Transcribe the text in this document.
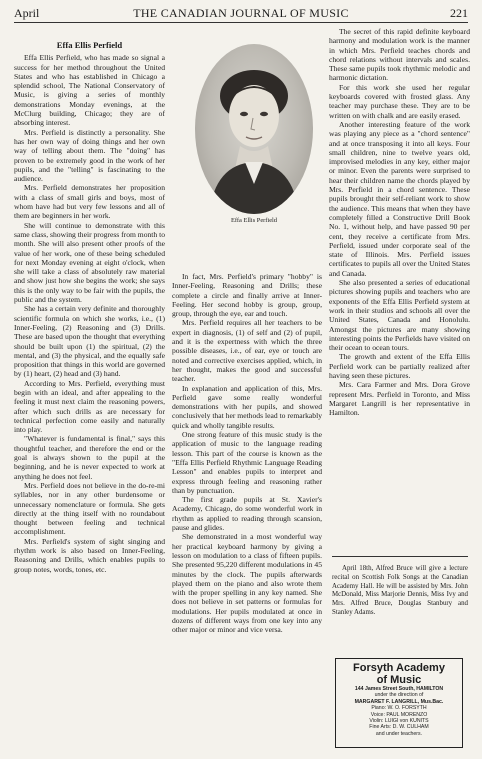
April	THE CANADIAN JOURNAL OF MUSIC	221
Effa Ellis Perfield

Effa Ellis Perfield, who has made so signal a success for her method throughout the United States and who has established in Chicago a splendid school, The National Conservatory of Music, is giving a series of monthly demonstrations Monday evenings, at the McClurg building, Chicago; they are of absorbing interest.

Mrs. Perfield is distinctly a personality. She has her own way of doing things and her own way of telling about them. The "doing" has proven to be extremely good in the work of her pupils, and the "telling" is fascinating to the audience.

Mrs. Perfield demonstrates her proposition with a class of small girls and boys, most of whom have had but very few lessons and all of them are beginners in her work.

She will continue to demonstrate with this same class, showing their progress from month to month. She will also present other proofs of the value of her work, one of these being scheduled for next Monday evening at eight o'clock, when she will take a class of absolutely raw material and show just how she begins the work; she says this is the only way to be fair with the pupils, the public and the system.

She has a certain very definite and thoroughly scientific formula on which she works, i.e., (1) Inner-Feeling, (2) Reasoning and (3) Drills. These are based upon the thought that everything should be built upon (1) the spiritual, (2) the mental, and (3) the physical, and the equally safe proposition that things in this world are governed by (1) heart, (2) head and (3) hand.

According to Mrs. Perfield, everything must begin with an ideal, and after appealing to the feeling it must next claim the reasoning powers, after which such drills as are necessary for technical perfection come easily and naturally into play.

"Whatever is fundamental is final," says this thoughtful teacher, and therefore the end or the goal is always shown to the pupil at the beginning, and he is never expected to work at anything he does not feel.

Mrs. Perfield does not believe in the do-re-mi syllables, nor in any other burdensome or unnecessary nomenclature or formula. She gets directly at the thing itself with no roundabout thought between feeling and technical accomplishment.

Mrs. Perfield's system of sight singing and rhythm work is also based on Inner-Feeling, Reasoning and Drills, which enables pupils to group notes, words, tones, etc.

Effa Ellis Perfield

In fact, Mrs. Perfield's primary "hobby" is Inner-Feeling, Reasoning and Drills; these complete a circle and finally arrive at Inner-Feeling. Her second hobby is group, group, group, through the eye, ear and touch.

Mrs. Perfield requires all her teachers to be expert in diagnosis, (1) of self and (2) of pupil, and it is the expertness with which the three possible diseases, i.e., of ear, eye or touch are noted and corrective exercises applied, which, in her thought, makes the good and successful teacher.

In explanation and application of this, Mrs. Perfield gave some really wonderful demonstrations with her pupils, and showed conclusively that her methods lead to remarkably quick and wholly tangible results.

One strong feature of this music study is the application of music to the language reading lesson. This part of the course is known as the "Effa Ellis Perfield Rhythmic Language Reading Lesson" and enables pupils to interpret and express through feeling and reasoning rather than by punctuation.

The first grade pupils at St. Xavier's Academy, Chicago, do some wonderful work in rhythm as applied to reading through scansion, pause and glides.

She demonstrated in a most wonderful way her practical keyboard harmony by giving a lesson on modulation to a class of fifteen pupils. She presented 95,220 different modulations in 45 minutes by the clock. The pupils afterwards played them on the piano and also wrote them with the proper spelling in any key named. She does not believe in set patterns or formulas for modulations. Her pupils modulated at once in dozens of different ways from one key into any other major or minor and vice versa.

The secret of this rapid definite keyboard harmony and modulation work is the manner in which Mrs. Perfield teaches chords and chord relations without intervals and scales. These same pupils took rhythmic melodic and harmonic dictation.

For this work she used her regular keyboards covered with frosted glass. Any teacher may purchase these. They are to be written on with chalk and are easily erased.

Another interesting feature of the work was playing any piece as a "chord sentence" and at once transposing it into all keys. Four small children, nine to twelve years old, improvised melodies in any key, either major or minor. Even the parents were surprised to hear their children name the chords played by Mrs. Perfield in a chord sentence. These pupils brought their self-reliant work to show the audience. This means that when they have completely filled a Constructive Drill Book No. 1, without help, and have passed 90 per cent, they receive a certificate from Mrs. Perfield, issued under corporate seal of the state of Illinois. Mrs. Perfield issues certificates to pupils all over the United States and Canada.

She also presented a series of educational pictures showing pupils and teachers who are exponents of the Effa Ellis Perfield system at work in their studios and schools all over the United States, Canada and Honolulu. Amongst the pictures are many showing interesting points the Perfields have visited on their ocean to ocean tours.

The growth and extent of the Effa Ellis Perfield work can be partially realized after having seen these pictures.

Mrs. Cara Farmer and Mrs. Dora Grove represent Mrs. Perfield in Toronto, and Miss Margaret Langrill is her representative in Hamilton.

April 18th, Alfred Bruce will give a lecture recital on Scottish Folk Songs at the Canadian Academy Hall. He will be assisted by Mrs. John McDonald, Miss Marjorie Dennis, Miss Ivy and Mrs. Alfred Bruce, Douglas Stanbury and Stanley Adams.

Forsyth Academy
of Music
144 James Street South, HAMILTON
under the direction of
MARGARET F. LANGRILL, Mus.Bac.
Piano: W. O. FORSYTH
Voice: PAUL MORENZO
Violin: LUIGI von KUNITS
Fine Arts: D. W. CULHAM
and under teachers.
